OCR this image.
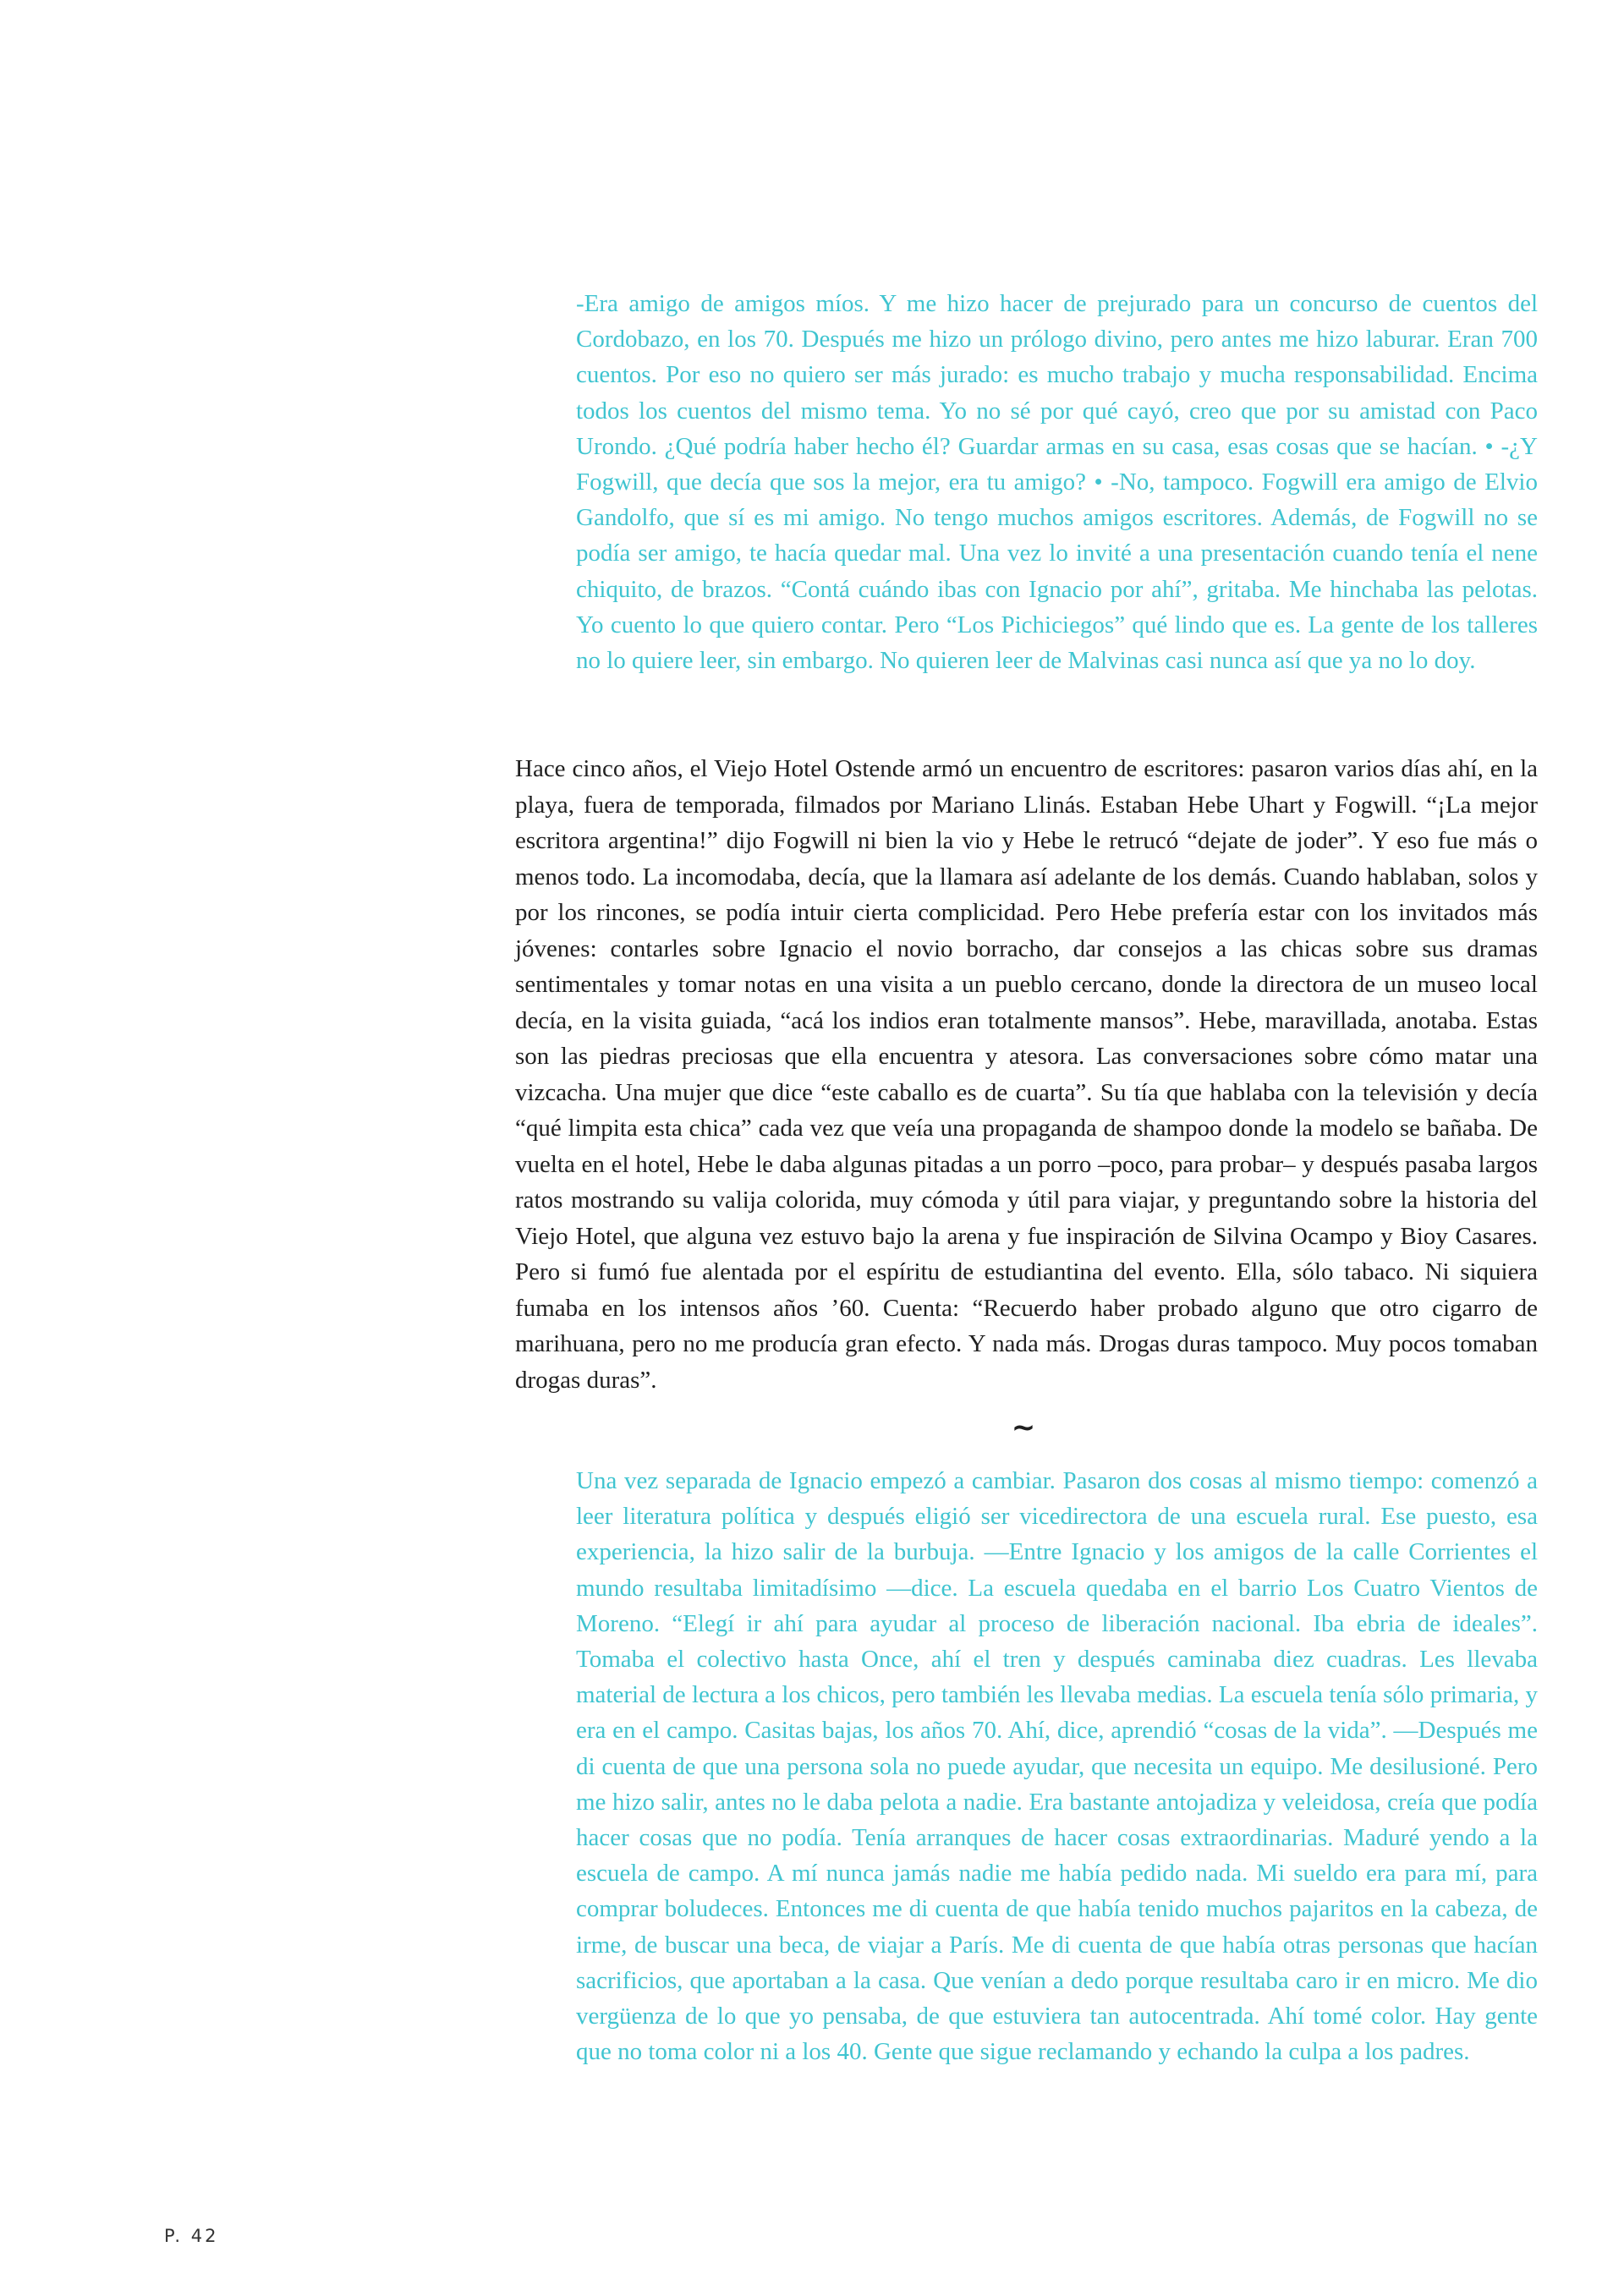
-Era amigo de amigos míos. Y me hizo hacer de prejurado para un concurso de cuentos del Cordobazo, en los 70. Después me hizo un prólogo divino, pero antes me hizo laburar. Eran 700 cuentos. Por eso no quiero ser más jurado: es mucho trabajo y mucha responsabilidad. Encima todos los cuentos del mismo tema. Yo no sé por qué cayó, creo que por su amistad con Paco Urondo. ¿Qué podría haber hecho él? Guardar armas en su casa, esas cosas que se hacían. • -¿Y Fogwill, que decía que sos la mejor, era tu amigo? • -No, tampoco. Fogwill era amigo de Elvio Gandolfo, que sí es mi amigo. No tengo muchos amigos escritores. Además, de Fogwill no se podía ser amigo, te hacía quedar mal. Una vez lo invité a una presentación cuando tenía el nene chiquito, de brazos. “Contá cuándo ibas con Ignacio por ahí”, gritaba. Me hinchaba las pelotas. Yo cuento lo que quiero contar. Pero “Los Pichiciegos” qué lindo que es. La gente de los talleres no lo quiere leer, sin embargo. No quieren leer de Malvinas casi nunca así que ya no lo doy.

Hace cinco años, el Viejo Hotel Ostende armó un encuentro de escritores: pasaron varios días ahí, en la playa, fuera de temporada, filmados por Mariano Llinás. Estaban Hebe Uhart y Fogwill. “¡La mejor escritora argentina!” dijo Fogwill ni bien la vio y Hebe le retrucó “dejate de joder”. Y eso fue más o menos todo. La incomodaba, decía, que la llamara así adelante de los demás. Cuando hablaban, solos y por los rincones, se podía intuir cierta complicidad. Pero Hebe prefería estar con los invitados más jóvenes: contarles sobre Ignacio el novio borracho, dar consejos a las chicas sobre sus dramas sentimentales y tomar notas en una visita a un pueblo cercano, donde la directora de un museo local decía, en la visita guiada, “acá los indios eran totalmente mansos”. Hebe, maravillada, anotaba. Estas son las piedras preciosas que ella encuentra y atesora. Las conversaciones sobre cómo matar una vizcacha. Una mujer que dice “este caballo es de cuarta”. Su tía que hablaba con la televisión y decía “qué limpita esta chica” cada vez que veía una propaganda de shampoo donde la modelo se bañaba. De vuelta en el hotel, Hebe le daba algunas pitadas a un porro –poco, para probar– y después pasaba largos ratos mostrando su valija colorida, muy cómoda y útil para viajar, y preguntando sobre la historia del Viejo Hotel, que alguna vez estuvo bajo la arena y fue inspiración de Silvina Ocampo y Bioy Casares. Pero si fumó fue alentada por el espíritu de estudiantina del evento. Ella, sólo tabaco. Ni siquiera fumaba en los intensos años ’60. Cuenta: “Recuerdo haber probado alguno que otro cigarro de marihuana, pero no me producía gran efecto. Y nada más. Drogas duras tampoco. Muy pocos tomaban drogas duras”.

~

Una vez separada de Ignacio empezó a cambiar. Pasaron dos cosas al mismo tiempo: comenzó a leer literatura política y después eligió ser vicedirectora de una escuela rural. Ese puesto, esa experiencia, la hizo salir de la burbuja. —Entre Ignacio y los amigos de la calle Corrientes el mundo resultaba limitadísimo —dice. La escuela quedaba en el barrio Los Cuatro Vientos de Moreno. “Elegí ir ahí para ayudar al proceso de liberación nacional. Iba ebria de ideales”. Tomaba el colectivo hasta Once, ahí el tren y después caminaba diez cuadras. Les llevaba material de lectura a los chicos, pero también les llevaba medias. La escuela tenía sólo primaria, y era en el campo. Casitas bajas, los años 70. Ahí, dice, aprendió “cosas de la vida”. —Después me di cuenta de que una persona sola no puede ayudar, que necesita un equipo. Me desilusioné. Pero me hizo salir, antes no le daba pelota a nadie. Era bastante antojadiza y veleidosa, creía que podía hacer cosas que no podía. Tenía arranques de hacer cosas extraordinarias. Maduré yendo a la escuela de campo. A mí nunca jamás nadie me había pedido nada. Mi sueldo era para mí, para comprar boludeces. Entonces me di cuenta de que había tenido muchos pajaritos en la cabeza, de irme, de buscar una beca, de viajar a París. Me di cuenta de que había otras personas que hacían sacrificios, que aportaban a la casa. Que venían a dedo porque resultaba caro ir en micro. Me dio vergüenza de lo que yo pensaba, de que estuviera tan autocentrada. Ahí tomé color. Hay gente que no toma color ni a los 40. Gente que sigue reclamando y echando la culpa a los padres.

P. 42
